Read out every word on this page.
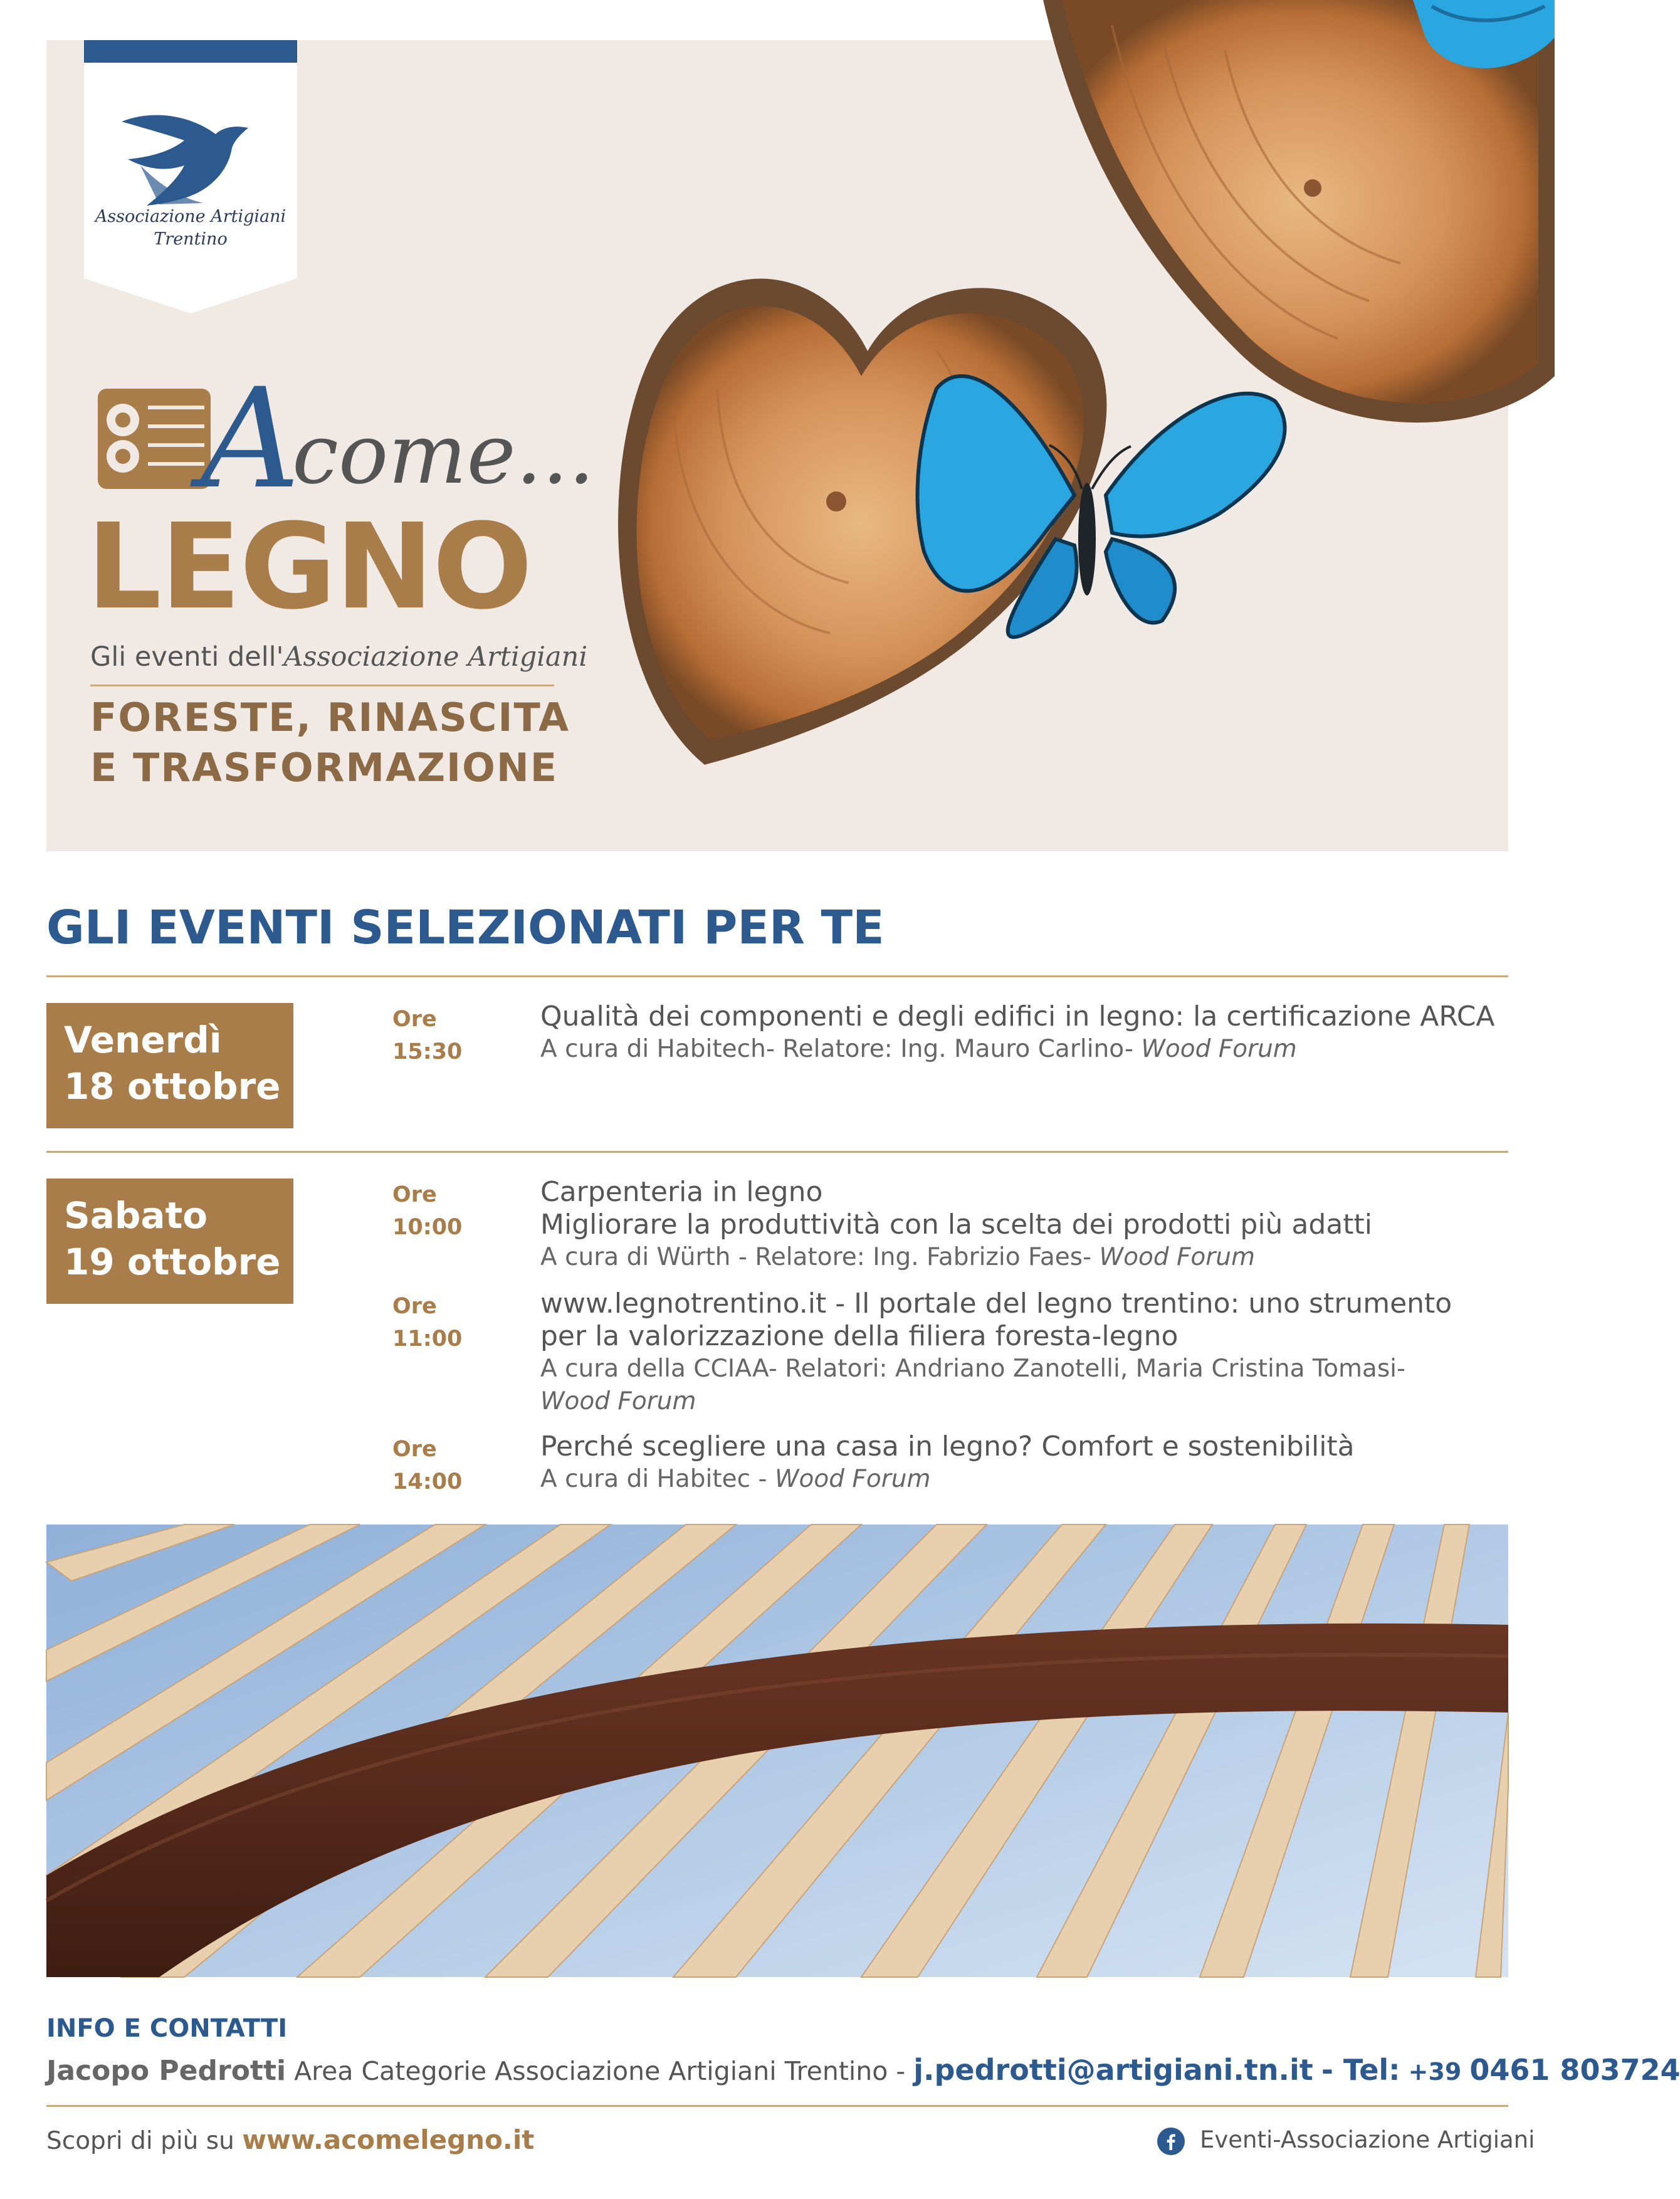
Associazione Artigiani
Trentino
A
come...
LEGNO
Gli eventi dell'Associazione Artigiani
FORESTE, RINASCITA
E TRASFORMAZIONE
GLI EVENTI SELEZIONATI PER TE
Venerdì
18 ottobre
Ore 15:30
Qualità dei componenti e degli edifici in legno: la certificazione ARCA
A cura di Habitech- Relatore: Ing. Mauro Carlino- Wood Forum
Sabato
19 ottobre
Ore 10:00
Carpenteria in legno
Migliorare la produttività con la scelta dei prodotti più adatti
A cura di Würth - Relatore: Ing. Fabrizio Faes- Wood Forum
Ore 11:00
www.legnotrentino.it - Il portale del legno trentino: uno strumento
per la valorizzazione della filiera foresta-legno
A cura della CCIAA- Relatori: Andriano Zanotelli, Maria Cristina Tomasi-
Wood Forum
Ore 14:00
Perché scegliere una casa in legno? Comfort e sostenibilità
A cura di Habitec - Wood Forum
INFO E CONTATTI
Jacopo Pedrotti Area Categorie Associazione Artigiani Trentino - j.pedrotti@artigiani.tn.it - Tel: +39 0461 803724
Scopri di più su www.acomelegno.it	Eventi-Associazione Artigiani
